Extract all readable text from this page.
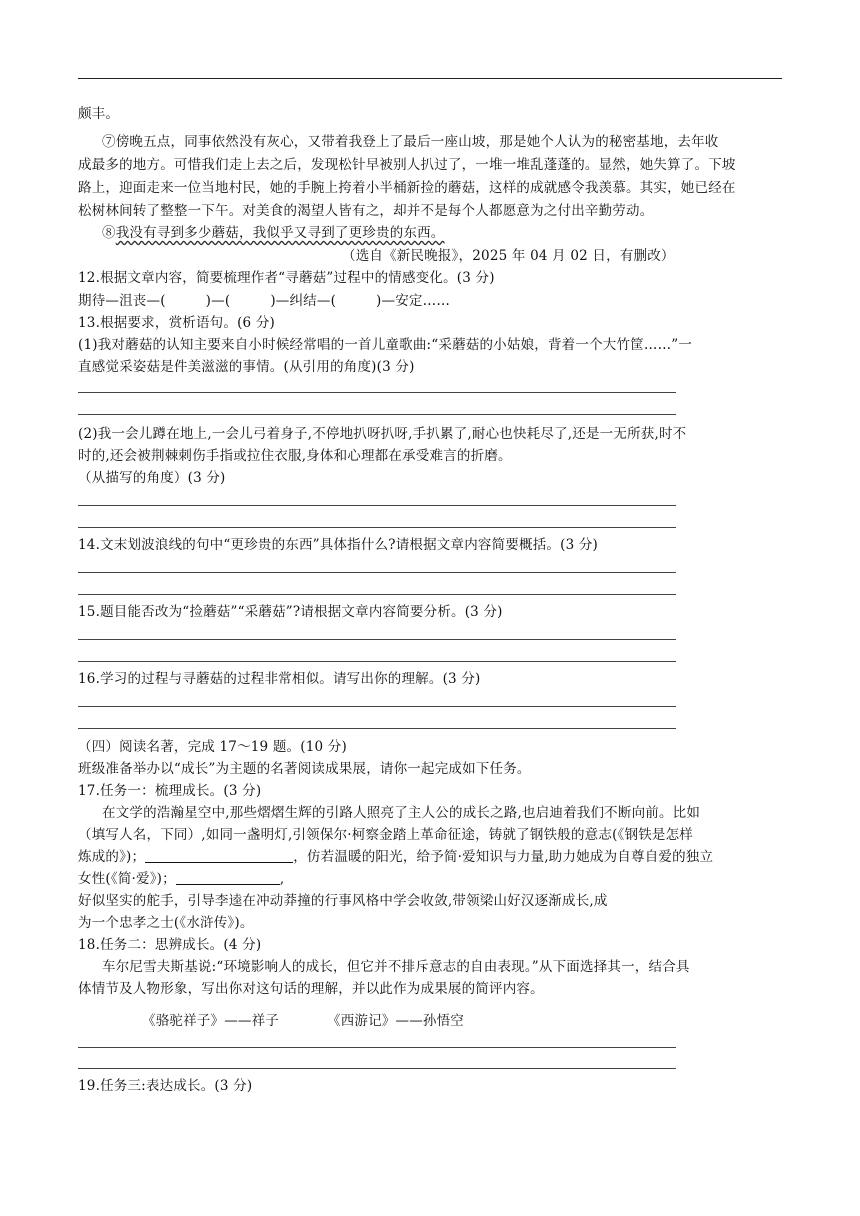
颇丰。
⑦傍晚五点，同事依然没有灰心，又带着我登上了最后一座山坡，那是她个人认为的秘密基地，去年收
成最多的地方。可惜我们走上去之后，发现松针早被别人扒过了，一堆一堆乱蓬蓬的。显然，她失算了。下坡
路上，迎面走来一位当地村民，她的手腕上挎着小半桶新捡的蘑菇，这样的成就感令我羡慕。其实，她已经在
松树林间转了整整一下午。对美食的渴望人皆有之，却并不是每个人都愿意为之付出辛勤劳动。
⑧我没有寻到多少蘑菇，我似乎又寻到了更珍贵的东西。
（选自《新民晚报》，2025 年 04 月 02 日，有删改）
12.根据文章内容，简要梳理作者“寻蘑菇”过程中的情感变化。(3 分)
期待—沮丧—(	)—(	)—纠结—(	)—安定……
13.根据要求，赏析语句。(6 分)
(1)我对蘑菇的认知主要来自小时候经常唱的一首儿童歌曲:“采蘑菇的小姑娘，背着一个大竹筐……”一
直感觉采姿菇是件美滋滋的事情。(从引用的角度)(3 分)
(2)我一会儿蹲在地上,一会儿弓着身子,不停地扒呀扒呀,手扒累了,耐心也快耗尽了,还是一无所获,时不
时的,还会被荆棘刺伤手指或拉住衣服,身体和心理都在承受难言的折磨。
（从描写的角度）(3 分)
14.文末划波浪线的句中“更珍贵的东西”具体指什么?请根据文章内容简要概括。(3 分)
15.题目能否改为“捡蘑菇”“采蘑菇”?请根据文章内容简要分析。(3 分)
16.学习的过程与寻蘑菇的过程非常相似。请写出你的理解。(3 分)
（四）阅读名著，完成 17～19 题。(10 分)
班级准备举办以“成长”为主题的名著阅读成果展，请你一起完成如下任务。
17.任务一：梳理成长。(3 分)
在文学的浩瀚星空中,那些熠熠生辉的引路人照亮了主人公的成长之路,也启迪着我们不断向前。比如
（填写人名，下同）,如同一盏明灯,引领保尔·柯察金踏上革命征途，铸就了钢铁般的意志(《钢铁是怎样
炼成的》)；	，仿若温暖的阳光，给予简·爱知识与力量,助力她成为自尊自爱的独立
女性(《简·爱》)；	,
好似坚实的舵手，引导李逵在冲动莽撞的行事风格中学会收敛,带领梁山好汉逐渐成长,成
为一个忠孝之士(《水浒传》)。
18.任务二：思辨成长。(4 分)
车尔尼雪夫斯基说:“环境影响人的成长，但它并不排斥意志的自由表现。”从下面选择其一，结合具
体情节及人物形象，写出你对这句话的理解，并以此作为成果展的简评内容。
《骆驼祥子》——祥子	《西游记》——孙悟空
19.任务三:表达成长。(3 分)
